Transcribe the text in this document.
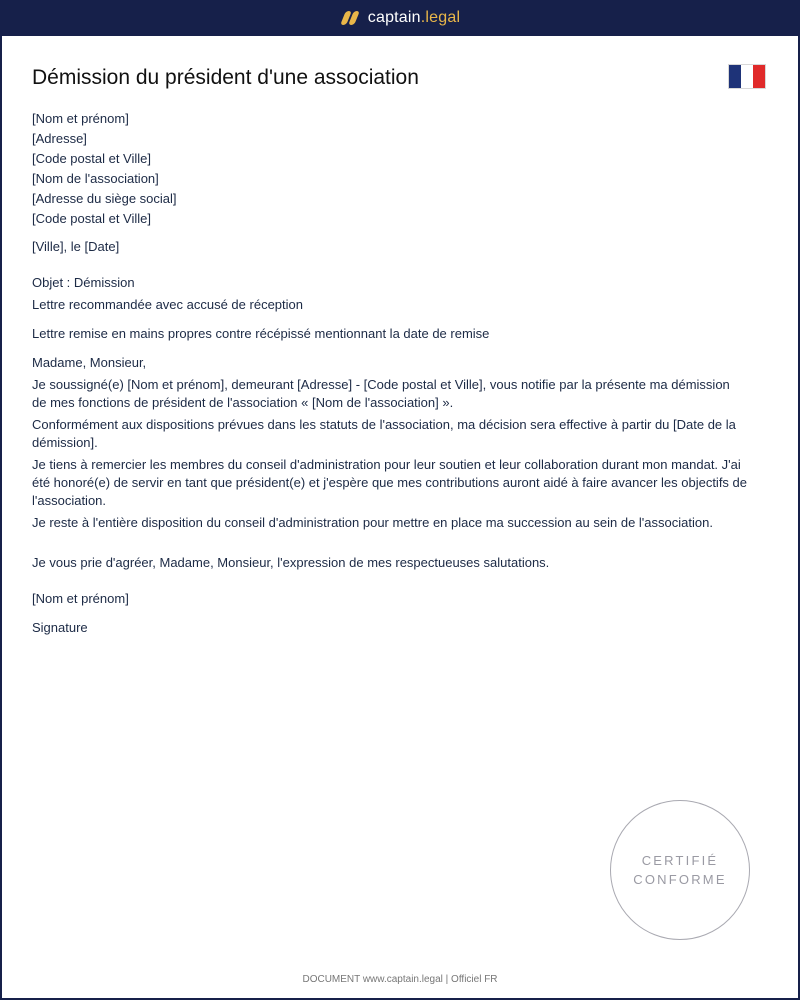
captain.legal
Démission du président d'une association
[Nom et prénom]
[Adresse]
[Code postal et Ville]
[Nom de l'association]
[Adresse du siège social]
[Code postal et Ville]
[Ville], le [Date]
Objet : Démission
Lettre recommandée avec accusé de réception
Lettre remise en mains propres contre récépissé mentionnant la date de remise
Madame, Monsieur,

Je soussigné(e) [Nom et prénom], demeurant [Adresse] - [Code postal et Ville], vous notifie par la présente ma démission de mes fonctions de président de l'association « [Nom de l'association] ».

Conformément aux dispositions prévues dans les statuts de l'association, ma décision sera effective à partir du [Date de la démission].

Je tiens à remercier les membres du conseil d'administration pour leur soutien et leur collaboration durant mon mandat. J'ai été honoré(e) de servir en tant que président(e) et j'espère que mes contributions auront aidé à faire avancer les objectifs de l'association.

Je reste à l'entière disposition du conseil d'administration pour mettre en place ma succession au sein de l'association.

Je vous prie d'agréer, Madame, Monsieur, l'expression de mes respectueuses salutations.

[Nom et prénom]
Signature
CERTIFIÉ
CONFORME
DOCUMENT www.captain.legal | Officiel FR
